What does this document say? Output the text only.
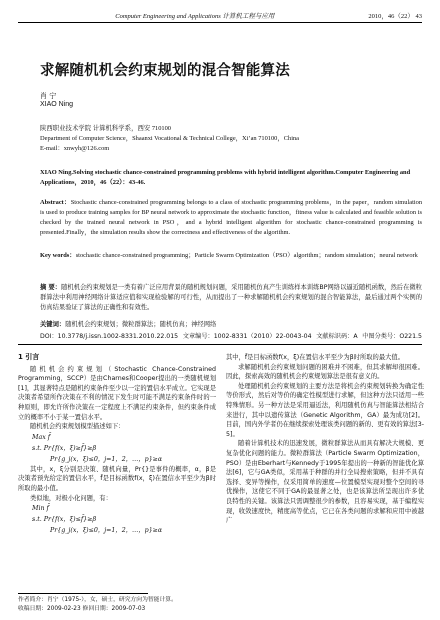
Computer Engineering and Applications 计算机工程与应用	2010，46（22） 43
求解随机机会约束规划的混合智能算法
肖 宁
XIAO Ning
陕西职业技术学院 计算机科学系，西安 710100
Department of Computer Science，Shaanxi Vocational & Technical College，Xi’an 710100，China
E-mail：xnwyh@126.com
XIAO Ning.Solving stochastic chance-constrained programming problems with hybrid intelligent algorithm.Computer Engineering and Applications，2010，46（22）：43-46.
Abstract：Stochastic chance-constrained programming belongs to a class of stochastic programming problems，in the paper，random simulation is used to produce training samples for BP neural network to approximate the stochastic function，fitness value is calculated and feasible solution is checked by the trained neural network in PSO，and a hybrid intelligent algorithm for stochastic chance-constrained programming is presented.Finally，the simulation results show the correctness and effectiveness of the algorithm.
Key words：stochastic chance-constrained programming；Particle Swarm Optimization（PSO）algorithm；random simulation；neural network
摘 要：随机机会约束规划是一类有着广泛应用背景的随机规划问题，采用随机仿真产生训练样本训练BP网络以逼近随机函数，然后在微粒群算法中利用神经网络计算适应值和实现检验解的可行性，从而提出了一种求解随机机会约束规划的混合智能算法，最后通过两个实例的仿真结果验证了算法的正确性和有效性。
关键词：随机机会约束规划；微粒群算法；随机仿真；神经网络
DOI：10.3778/j.issn.1002-8331.2010.22.015 文章编号：1002-8331（2010）22-0043-04 文献标识码：A 中图分类号：O221.5
1 引言

随机机会约束规划（Stochastic Chance-Constrained Programming，SCCP）是由Charnes和Cooper提出的一类随机规划[1]，其显著特点是随机约束条件至少以一定的置信水平成立。它实现是决策者希望所作决策在不利的情况下发生时可能不满足约束条件时的一种原则，即允许所作决策在一定程度上不满足约束条件，但约束条件成立的概率不小于某一置信水平。

随机机会约束规划模型描述如下：

Max f̄
s.t. Pr{f(x，ξ)≥f̄}≥β
Pr{g_j(x，ξ)≤0，j=1，2，…，p}≥α

其中，x，ξ分别是决策、随机向量，Pr{}是事件的概率，α，β是决策者预先给定的置信水平，f̄是目标函数f(x，ξ)在置信水平至少为β时所取的最小值。

类似地，对极小化问题，有：

Min f̄
s.t. Pr{f(x，ξ)≤f̄}≥β
Pr{g_j(x，ξ)≤0，j=1，2，…，p}≥α

其中，f̄是目标函数f(x，ξ)在置信水平至少为β时所取的最大值。

求解随机机会约束规划问题的困难并不困难，但其求解却很困难。因此，探索高效的随机机会约束规划算法是很有意义的。

处理随机机会约束规划的主要方法是将机会约束规划转换为确定性等价形式，然后对等价的确定性模型进行求解，但这种方法只适用一些特殊情形。另一种方法是采用逼近法，利用随机仿真与智能算法相结合来进行，其中以遗传算法（Genetic Algorithm，GA）最为成功[2]。目前，国内外学者仍在继续探索处理该类问题的新的、更有效的算法[3-5]。

随着计算机技术的迅速发展，微粒群算法从而具有解决大规模、更复杂优化问题的能力。微粒群算法（Particle Swarm Optimization，PSO）是由Eberhart与Kennedy于1995年提出的一种新的智能优化算法[6]，它与GA类似，采用基于种群的并行全局搜索策略，但并不具有选择、变异等操作，仅采用简单的速度—位置模型实现对整个空间的寻优操作，这使它不同于GA的最显著之处，也是该算法所呈现出许多优良特性的关键。该算法只需调整很少的参数，且容易实现，基于编程实现，收敛速度快，精度高等优点，它已在各类问题的求解和应用中被越广

作者简介：肖宁（1975-），女，硕士，研究方向为智能计算。
收稿日期：2009-02-23 修回日期：2009-07-03
